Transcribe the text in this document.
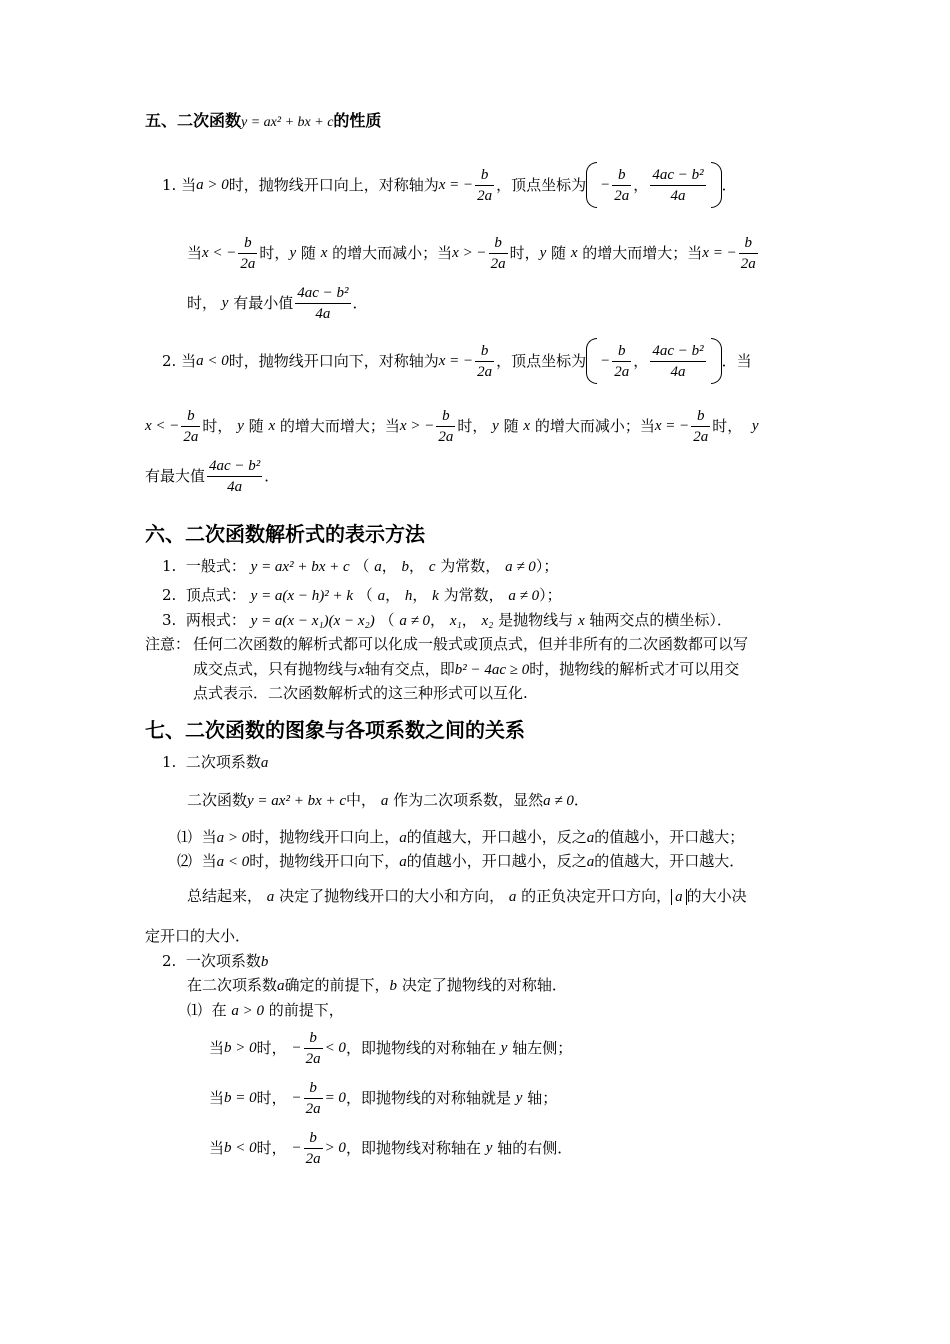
五、二次函数y = ax² + bx + c的性质
1.
当 a > 0 时，抛物线开口向上，对称轴为 x = − $\frac{b}{2a}$ ，顶点坐标为 − $\frac{b}{2a}$ ， $\frac{\text{4ac − b²}}{4a}$ ．
当 x < − $\frac{b}{2a}$ 时， y
随
x
的增大而减小；当 x > − $\frac{b}{2a}$ 时， y
随
x
的增大而增大；当 x = − $\frac{b}{2a}$
时，
y
有最小值 $\frac{\text{4ac − b²}}{4a}$ ．
2.
当 a < 0 时，抛物线开口向下，对称轴为 x = − $\frac{b}{2a}$ ，顶点坐标为 − $\frac{b}{2a}$ ， $\frac{\text{4ac − b²}}{4a}$ ．当
x < − $\frac{b}{2a}$ 时，
y
随
x
的增大而增大；当 x > − $\frac{b}{2a}$ 时，
y
随
x
的增大而减小；当 x = − $\frac{b}{2a}$ 时，
y
有最大值 $\frac{\text{4ac − b²}}{4a}$ ．
六、二次函数解析式的表示方法
1. 一般式： y = ax² + bx + c （ a， b， c 为常数， a ≠ 0）；
2. 顶点式： y = a(x − h)² + k （ a， h， k 为常数， a ≠ 0）；
3. 两根式： y = a(x − x₁)(x − x₂) （ a ≠ 0， x₁， x₂ 是抛物线与 x 轴两交点的横坐标）．
注意： 任何二次函数的解析式都可以化成一般式或顶点式，但并非所有的二次函数都可以写
成交点式，只有抛物线与x轴有交点，即b² − 4ac ≥ 0时，抛物线的解析式才可以用交
点式表示．二次函数解析式的这三种形式可以互化.
七、二次函数的图象与各项系数之间的关系
1. 二次项系数a
二次函数y = ax² + bx + c中， a 作为二次项系数，显然a ≠ 0．
⑴ 当a > 0时，抛物线开口向上，a的值越大，开口越小，反之a的值越小，开口越大；
⑵ 当a < 0时，抛物线开口向下，a的值越小，开口越小，反之a的值越大，开口越大．
总结起来， a 决定了抛物线开口的大小和方向， a 的正负决定开口方向， a 的大小决
定开口的大小．
2. 一次项系数b
在二次项系数a确定的前提下，b 决定了抛物线的对称轴．
⑴ 在 a > 0 的前提下，
当 b > 0 时，
− $\frac{b}{2a} < 0$ ，即抛物线的对称轴在
y
轴左侧；
当 b = 0 时，
− $\frac{b}{2a} = 0$ ，即抛物线的对称轴就是
y
轴；
当 b < 0 时，
− $\frac{b}{2a} > 0$ ，即抛物线对称轴在
y
轴的右侧．
